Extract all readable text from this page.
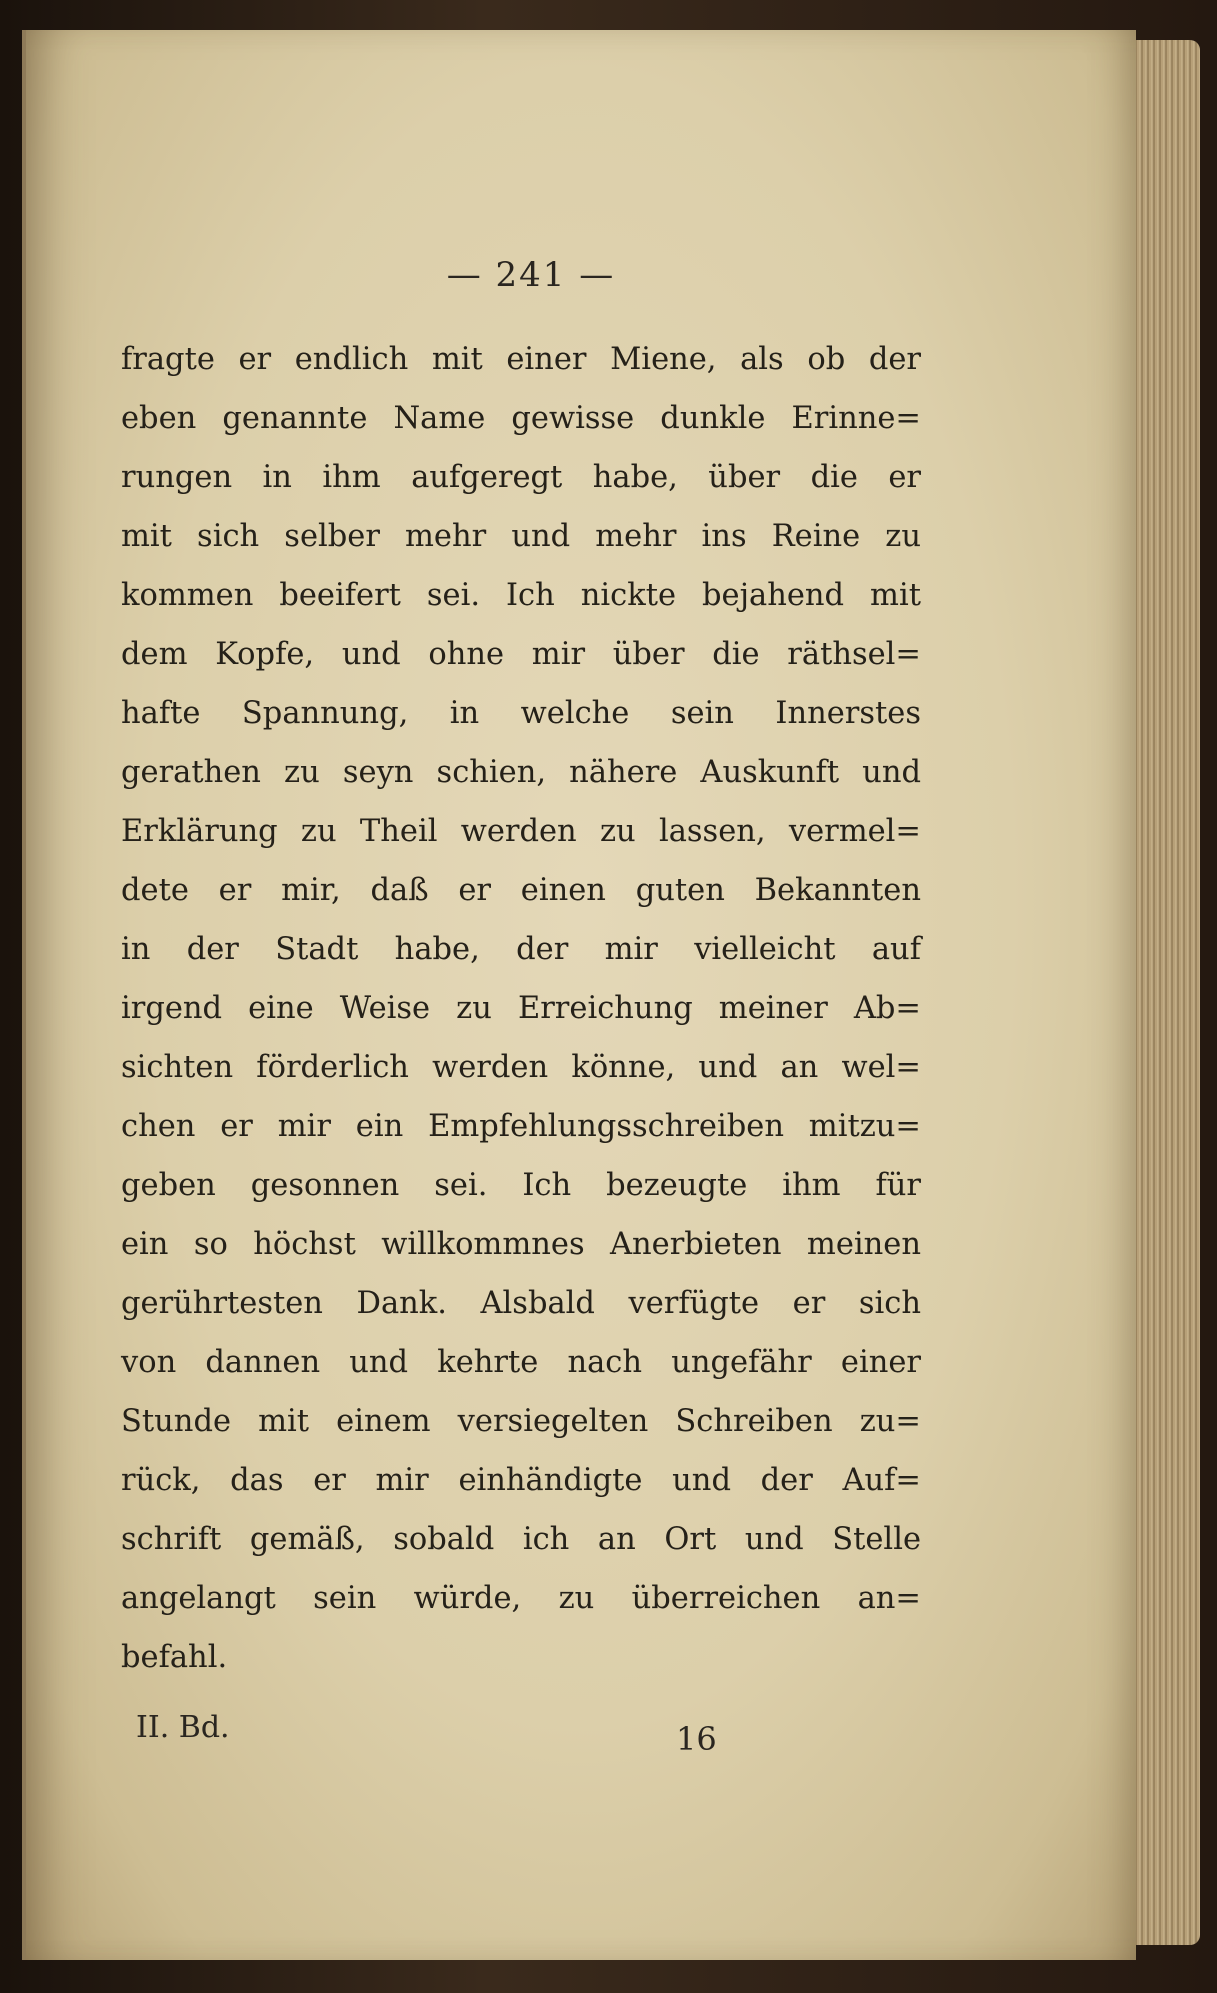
— 241 —
fragte er endlich mit einer Miene, als ob der
eben genannte Name gewisse dunkle Erinne=
rungen in ihm aufgeregt habe, über die er
mit sich selber mehr und mehr ins Reine zu
kommen beeifert sei. Ich nickte bejahend mit
dem Kopfe, und ohne mir über die räthsel=
hafte Spannung, in welche sein Innerstes
gerathen zu seyn schien, nähere Auskunft und
Erklärung zu Theil werden zu lassen, vermel=
dete er mir, daß er einen guten Bekannten
in der Stadt habe, der mir vielleicht auf
irgend eine Weise zu Erreichung meiner Ab=
sichten förderlich werden könne, und an wel=
chen er mir ein Empfehlungsschreiben mitzu=
geben gesonnen sei. Ich bezeugte ihm für
ein so höchst willkommnes Anerbieten meinen
gerührtesten Dank. Alsbald verfügte er sich
von dannen und kehrte nach ungefähr einer
Stunde mit einem versiegelten Schreiben zu=
rück, das er mir einhändigte und der Auf=
schrift gemäß, sobald ich an Ort und Stelle
angelangt sein würde, zu überreichen an=
befahl.
II. Bd.	16
